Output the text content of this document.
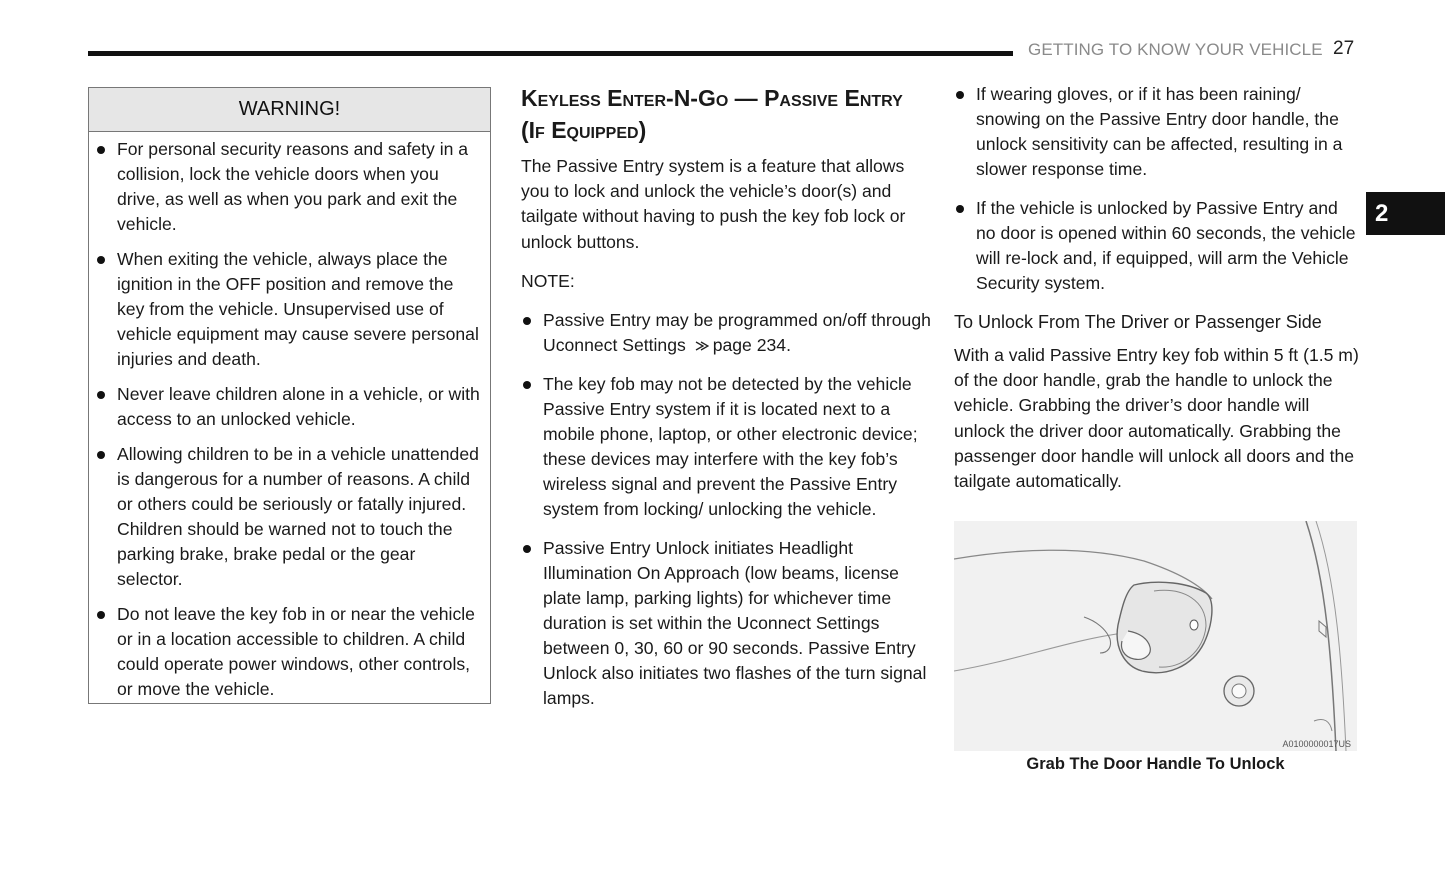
GETTING TO KNOW YOUR VEHICLE 27
2
WARNING!
For personal security reasons and safety in a collision, lock the vehicle doors when you drive, as well as when you park and exit the vehicle.
When exiting the vehicle, always place the ignition in the OFF position and remove the key from the vehicle. Unsupervised use of vehicle equipment may cause severe personal injuries and death.
Never leave children alone in a vehicle, or with access to an unlocked vehicle.
Allowing children to be in a vehicle unattended is dangerous for a number of reasons. A child or others could be seriously or fatally injured. Children should be warned not to touch the parking brake, brake pedal or the gear selector.
Do not leave the key fob in or near the vehicle or in a location accessible to children. A child could operate power windows, other controls, or move the vehicle.
Keyless Enter-N-Go — Passive Entry (If Equipped)

The Passive Entry system is a feature that allows you to lock and unlock the vehicle’s door(s) and tailgate without having to push the key fob lock or unlock buttons.

NOTE:

Passive Entry may be programmed on/off through Uconnect Settings page 234.
The key fob may not be detected by the vehicle Passive Entry system if it is located next to a mobile phone, laptop, or other electronic device; these devices may interfere with the key fob’s wireless signal and prevent the Passive Entry system from locking/ unlocking the vehicle.
Passive Entry Unlock initiates Headlight Illumination On Approach (low beams, license plate lamp, parking lights) for whichever time duration is set within the Uconnect Settings between 0, 30, 60 or 90 seconds. Passive Entry Unlock also initiates two flashes of the turn signal lamps.
If wearing gloves, or if it has been raining/ snowing on the Passive Entry door handle, the unlock sensitivity can be affected, resulting in a slower response time.
If the vehicle is unlocked by Passive Entry and no door is opened within 60 seconds, the vehicle will re-lock and, if equipped, will arm the Vehicle Security system.
To Unlock From The Driver or Passenger Side

With a valid Passive Entry key fob within 5 ft (1.5 m) of the door handle, grab the handle to unlock the vehicle. Grabbing the driver’s door handle will unlock the driver door automatically. Grabbing the passenger door handle will unlock all doors and the tailgate automatically.

A0100000017US
Grab The Door Handle To Unlock
